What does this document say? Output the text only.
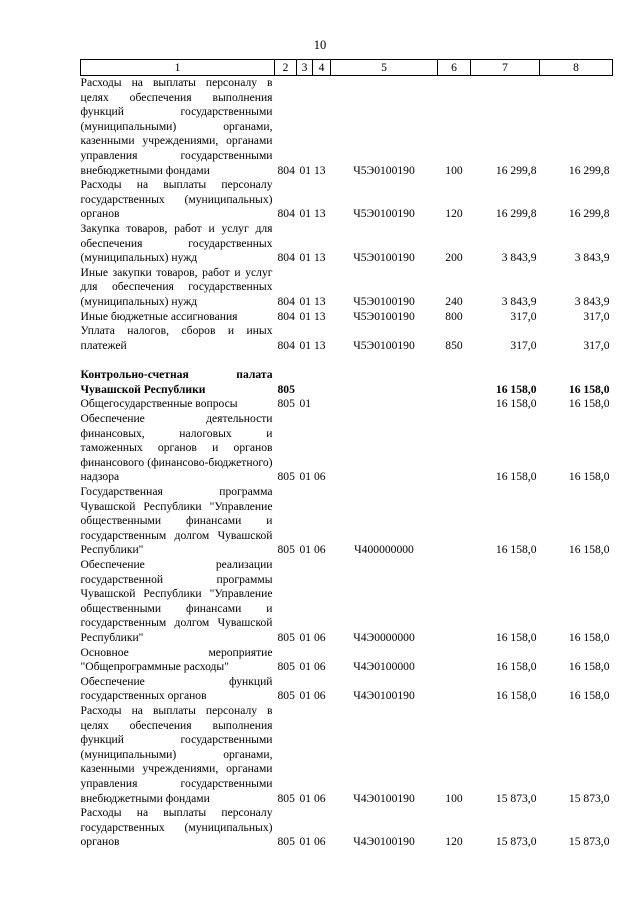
10
1	2	3	4	5	6	7	8
Расходы на выплаты персоналу в целях обеспечения выполнения функций государственными (муниципальными) органами, казенными учреждениями, органами управления государственными внебюджетными фондами	804	01 13		Ч5Э0100190	100	16 299,8	16 299,8
Расходы на выплаты персоналу государственных (муниципальных) органов	804	01 13		Ч5Э0100190	120	16 299,8	16 299,8
Закупка товаров, работ и услуг для обеспечения государственных (муниципальных) нужд	804	01 13		Ч5Э0100190	200	3 843,9	3 843,9
Иные закупки товаров, работ и услуг для обеспечения государственных (муниципальных) нужд	804	01 13		Ч5Э0100190	240	3 843,9	3 843,9
Иные бюджетные ассигнования	804	01 13		Ч5Э0100190	800	317,0	317,0
Уплата налогов, сборов и иных платежей	804	01 13		Ч5Э0100190	850	317,0	317,0

Контрольно-счетная палата Чувашской Республики	805					16 158,0	16 158,0
Общегосударственные вопросы	805	01				16 158,0	16 158,0
Обеспечение деятельности финансовых, налоговых и таможенных органов и органов финансового (финансово-бюджетного) надзора	805	01 06				16 158,0	16 158,0
Государственная программа Чувашской Республики "Управление общественными финансами и государственным долгом Чувашской Республики"	805	01 06		Ч400000000		16 158,0	16 158,0
Обеспечение реализации государственной программы Чувашской Республики "Управление общественными финансами и государственным долгом Чувашской Республики"	805	01 06		Ч4Э0000000		16 158,0	16 158,0
Основное мероприятие "Общепрограммные расходы"	805	01 06		Ч4Э0100000		16 158,0	16 158,0
Обеспечение функций государственных органов	805	01 06		Ч4Э0100190		16 158,0	16 158,0
Расходы на выплаты персоналу в целях обеспечения выполнения функций государственными (муниципальными) органами, казенными учреждениями, органами управления государственными внебюджетными фондами	805	01 06		Ч4Э0100190	100	15 873,0	15 873,0
Расходы на выплаты персоналу государственных (муниципальных) органов	805	01 06		Ч4Э0100190	120	15 873,0	15 873,0
